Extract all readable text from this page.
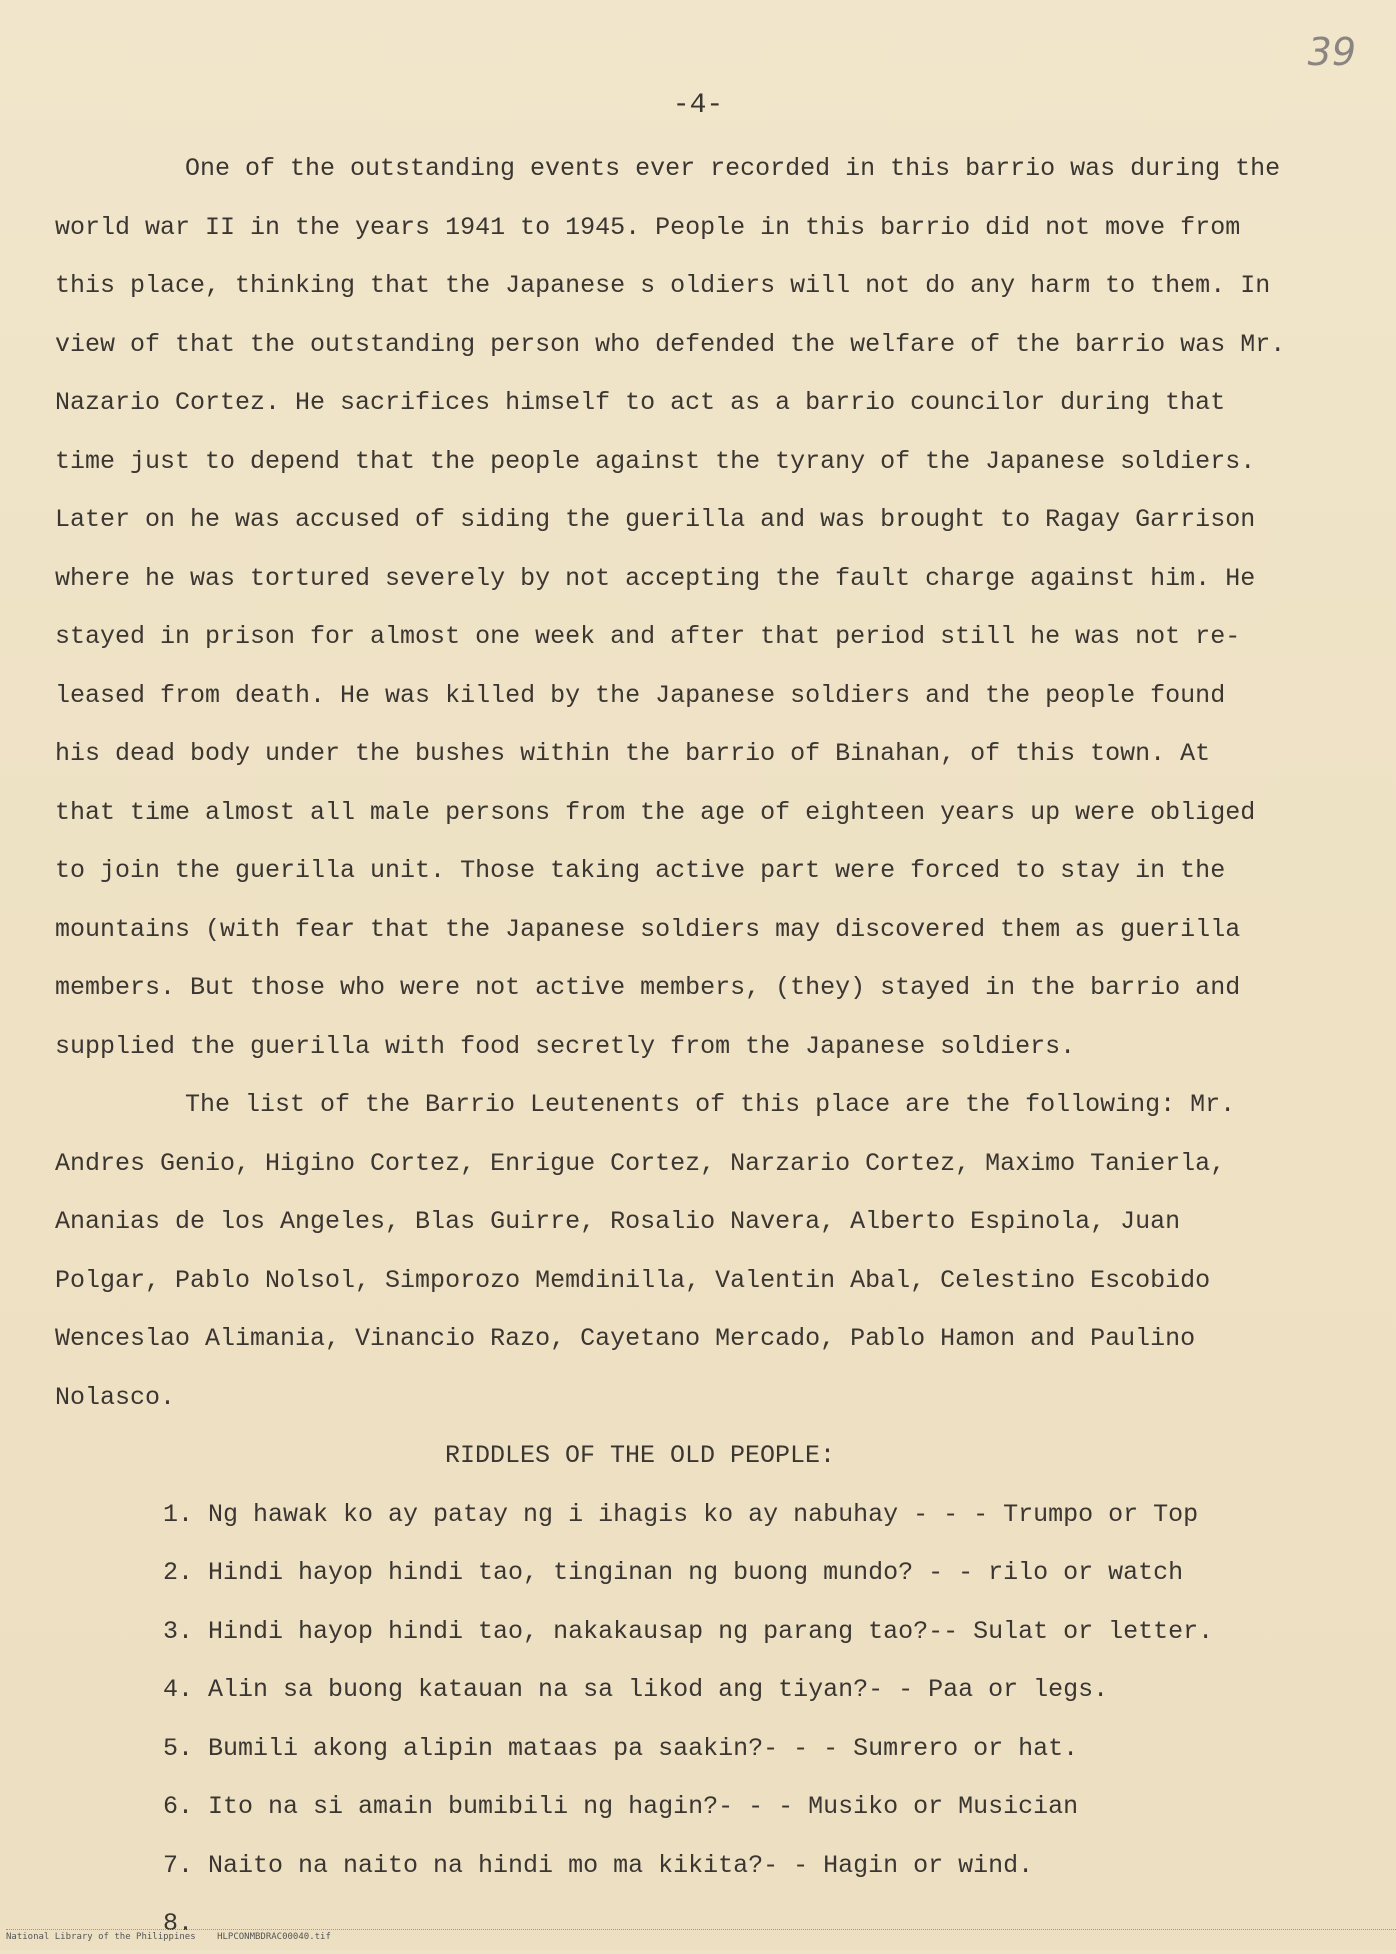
39
-4-
One of the outstanding events ever recorded in this barrio was during the
world war II in the years 1941 to 1945. People in this barrio did not move from
this place, thinking that the Japanese s oldiers will not do any harm to them. In
view of that the outstanding person who defended the welfare of the barrio was Mr.
Nazario Cortez. He sacrifices himself to act as a barrio councilor during that
time just to depend that the people against the tyrany of the Japanese soldiers.
Later on he was accused of siding the guerilla and was brought to Ragay Garrison
where he was tortured severely by not accepting the fault charge against him. He
stayed in prison for almost one week and after that period still he was not re-
leased from death. He was killed by the Japanese soldiers and the people found
his dead body under the bushes within the barrio of Binahan, of this town. At
that time almost all male persons from the age of eighteen years up were obliged
to join the guerilla unit. Those taking active part were forced to stay in the
mountains (with fear that the Japanese soldiers may discovered them as guerilla
members. But those who were not active members, (they) stayed in the barrio and
supplied the guerilla with food secretly from the Japanese soldiers.
The list of the Barrio Leutenents of this place are the following: Mr.
Andres Genio, Higino Cortez, Enrigue Cortez, Narzario Cortez, Maximo Tanierla,
Ananias de los Angeles, Blas Guirre, Rosalio Navera, Alberto Espinola, Juan
Polgar, Pablo Nolsol, Simporozo Memdinilla, Valentin Abal, Celestino Escobido
Wenceslao Alimania, Vinancio Razo, Cayetano Mercado, Pablo Hamon and Paulino
Nolasco.
RIDDLES OF THE OLD PEOPLE:
1. Ng hawak ko ay patay ng i ihagis ko ay nabuhay - - - Trumpo or Top
2. Hindi hayop hindi tao, tinginan ng buong mundo? - - rilo or watch
3. Hindi hayop hindi tao, nakakausap ng parang tao?-- Sulat or letter.
4. Alin sa buong katauan na sa likod ang tiyan?- - Paa or legs.
5. Bumili akong alipin mataas pa saakin?- - - Sumrero or hat.
6. Ito na si amain bumibili ng hagin?- - - Musiko or Musician
7. Naito na naito na hindi mo ma kikita?- - Hagin or wind.
8.
National Library of the Philippines HLPCONMBDRAC00040.tif
